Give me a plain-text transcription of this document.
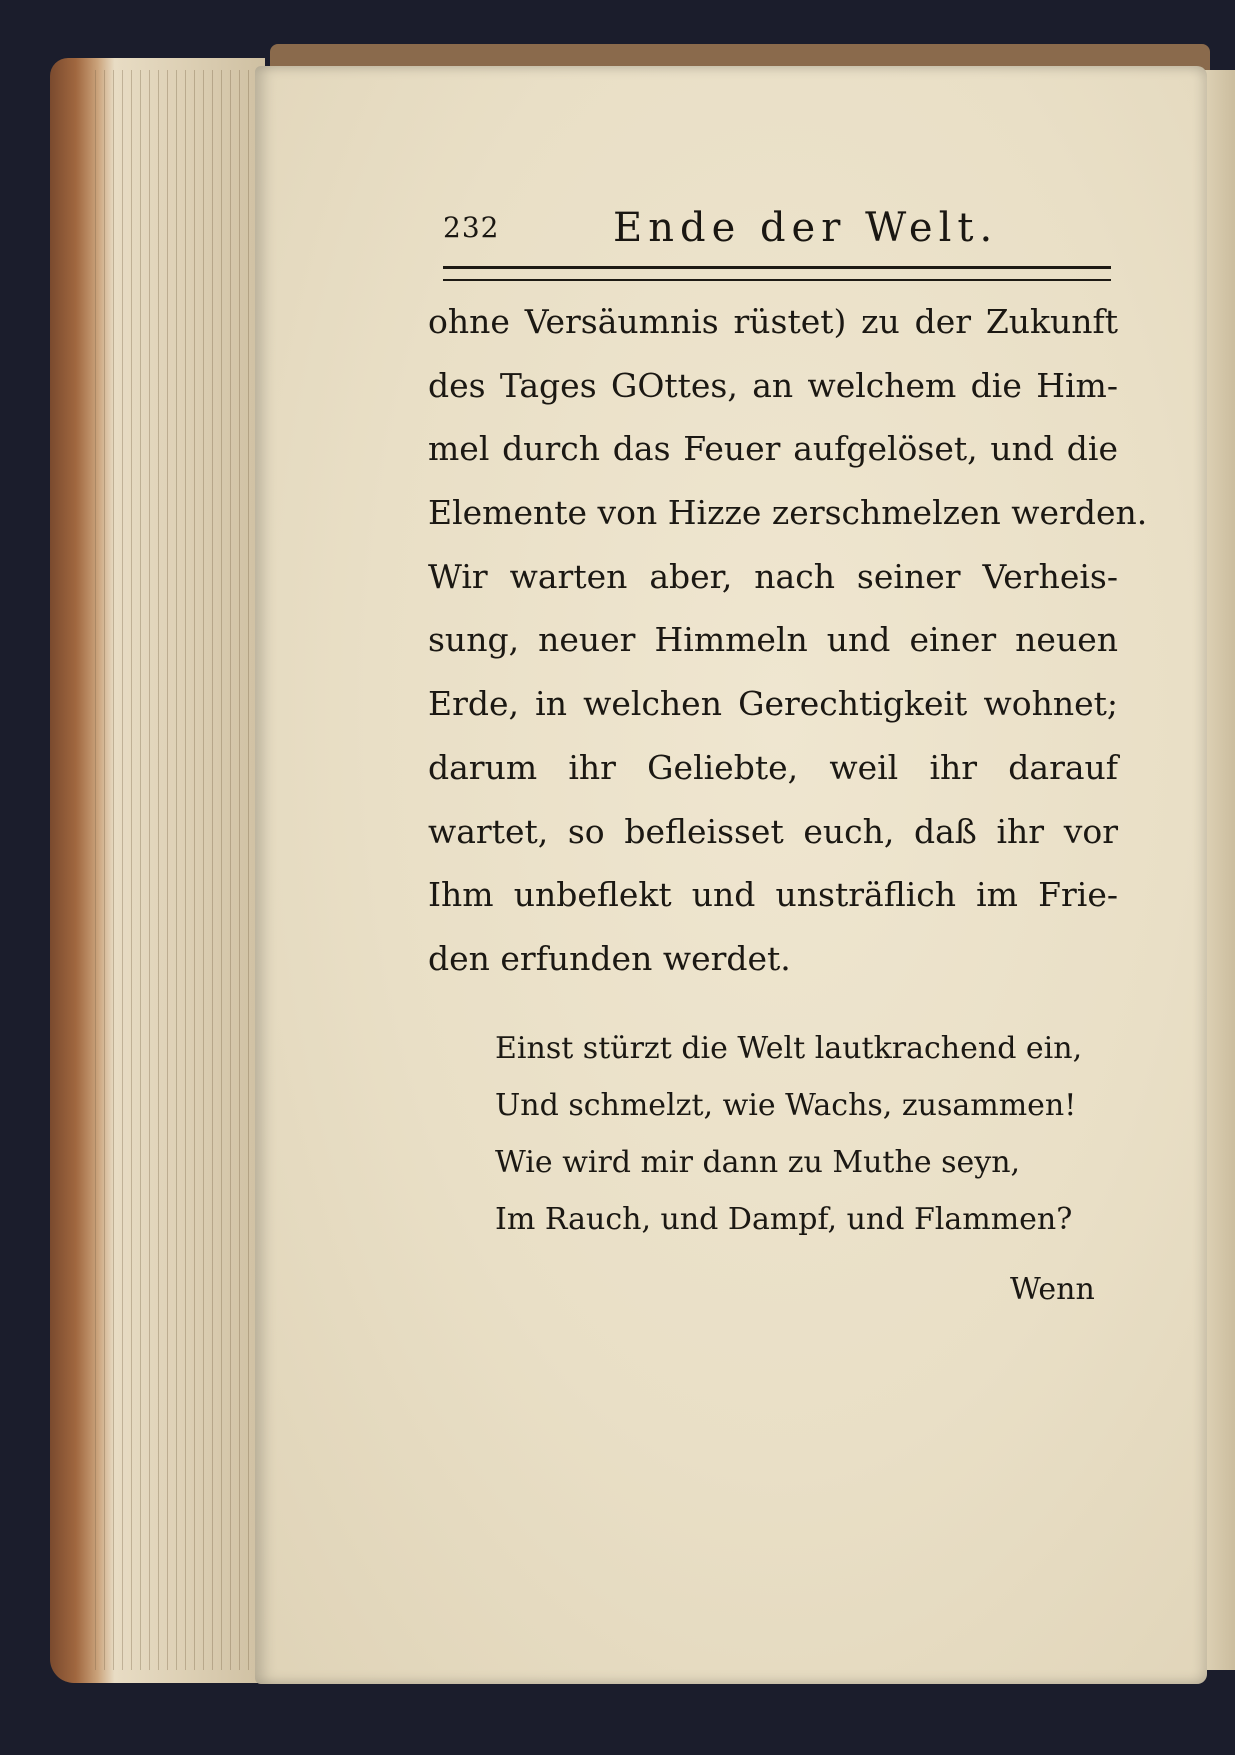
232	Ende der Welt.
ohne Versäumnis rüstet) zu der Zukunft
des Tages GOttes, an welchem die Him-
mel durch das Feuer aufgelöset, und die
Elemente von Hizze zerschmelzen werden.
Wir warten aber, nach seiner Verheis-
sung, neuer Himmeln und einer neuen
Erde, in welchen Gerechtigkeit wohnet;
darum ihr Geliebte, weil ihr darauf
wartet, so befleisset euch, daß ihr vor
Ihm unbeflekt und unsträflich im Frie-
den erfunden werdet.
Einst stürzt die Welt lautkrachend ein,
Und schmelzt, wie Wachs, zusammen!
Wie wird mir dann zu Muthe seyn,
Im Rauch, und Dampf, und Flammen?
Wenn
